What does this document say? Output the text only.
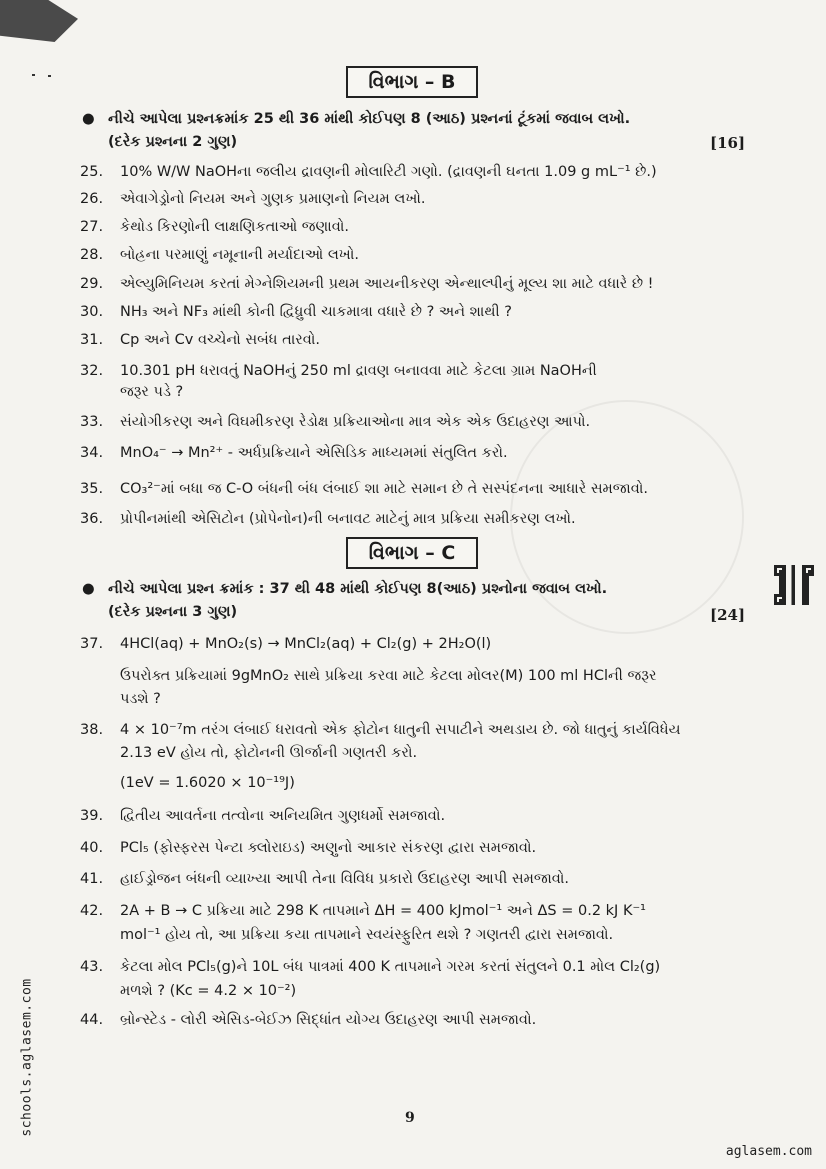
વિભાગ – B
● નીચે આપેલા પ્રશ્નક્રમાંક 25 થી 36 માંથી કોઈપણ 8 (આઠ) પ્રશ્નનાં ટૂંકમાં જવાબ લખો.
(દરેક પ્રશ્નના 2 ગુણ)	[16]
25. 10% W/W NaOHના જલીય દ્રાવણની મોલારિટી ગણો. (દ્રાવણની ઘનતા 1.09 g mL⁻¹ છે.)
26. એવાગેડ્રોનો નિયમ અને ગુણક પ્રમાણનો નિયમ લખો.
27. કેથોડ કિરણોની લાક્ષણિકતાઓ જણાવો.
28. બોહ્રના પરમાણું નમૂનાની મર્યાદાઓ લખો.
29. એલ્યુમિનિયમ કરતાં મેગ્નેશિયમની પ્રથમ આયનીકરણ એન્થાલ્પીનું મૂલ્ય શા માટે વધારે છે !
30. NH₃ અને NF₃ માંથી કોની દ્વિધ્રુવી ચાકમાત્રા વધારે છે ? અને શાથી ?
31. Cp અને Cv વચ્ચેનો સબંધ તારવો.
32. 10.301 pH ધરાવતું NaOHનું 250 ml દ્રાવણ બનાવવા માટે કેટલા ગ્રામ NaOHની
જરૂર પડે ?
33. સંયોગીકરણ અને વિઘમીકરણ રેડોક્ષ પ્રક્રિયાઓના માત્ર એક એક ઉદાહરણ આપો.
34. MnO₄⁻ → Mn²⁺ - અર્ધપ્રક્રિયાને એસિડિક માધ્યમમાં સંતુલિત કરો.
35. CO₃²⁻માં બધા જ C-O બંધની બંધ લંબાઈ શા માટે સમાન છે તે સસ્પંદનના આધારે સમજાવો.
36. પ્રોપીનમાંથી એસિટોન (પ્રોપેનોન)ની બનાવટ માટેનું માત્ર પ્રક્રિયા સમીકરણ લખો.
વિભાગ – C
● નીચે આપેલા પ્રશ્ન ક્રમાંક : 37 થી 48 માંથી કોઈપણ 8(આઠ) પ્રશ્નોના જવાબ લખો.
(દરેક પ્રશ્નના 3 ગુણ)	[24]
37. 4HCl(aq) + MnO₂(s) → MnCl₂(aq) + Cl₂(g) + 2H₂O(l)
ઉપરોક્ત પ્રક્રિયામાં 9gMnO₂ સાથે પ્રક્રિયા કરવા માટે કેટલા મોલર(M) 100 ml HClની જરૂર
પડશે ?
38. 4 × 10⁻⁷m તરંગ લંબાઈ ધરાવતો એક ફોટોન ધાતુની સપાટીને અથડાય છે. જો ધાતુનું કાર્યવિધેય
2.13 eV હોય તો, ફોટોનની ઊર્જાની ગણતરી કરો.
(1eV = 1.6020 × 10⁻¹⁹J)
39. દ્વિતીય આવર્તના તત્વોના અનિયમિત ગુણધર્મો સમજાવો.
40. PCl₅ (ફોસ્ફરસ પેન્ટા ક્લોરાઇડ) અણુનો આકાર સંકરણ દ્વારા સમજાવો.
41. હાઈડ્રોજન બંધની વ્યાખ્યા આપી તેના વિવિધ પ્રકારો ઉદાહરણ આપી સમજાવો.
42. 2A + B → C પ્રક્રિયા માટે 298 K તાપમાને ΔH = 400 kJmol⁻¹ અને ΔS = 0.2 kJ K⁻¹
mol⁻¹ હોય તો, આ પ્રક્રિયા કયા તાપમાને સ્વયંસ્ફુરિત થશે ? ગણતરી દ્વારા સમજાવો.
43. કેટલા મોલ PCl₅(g)ને 10L બંધ પાત્રમાં 400 K તાપમાને ગરમ કરતાં સંતુલને 0.1 મોલ Cl₂(g)
મળશે ? (Kc = 4.2 × 10⁻²)
44. બ્રોન્સ્ટેડ - લોરી એસિડ-બેઈઝ સિદ્ધાંત યોગ્ય ઉદાહરણ આપી સમજાવો.
9
schools.aglasem.com
aglasem.com
